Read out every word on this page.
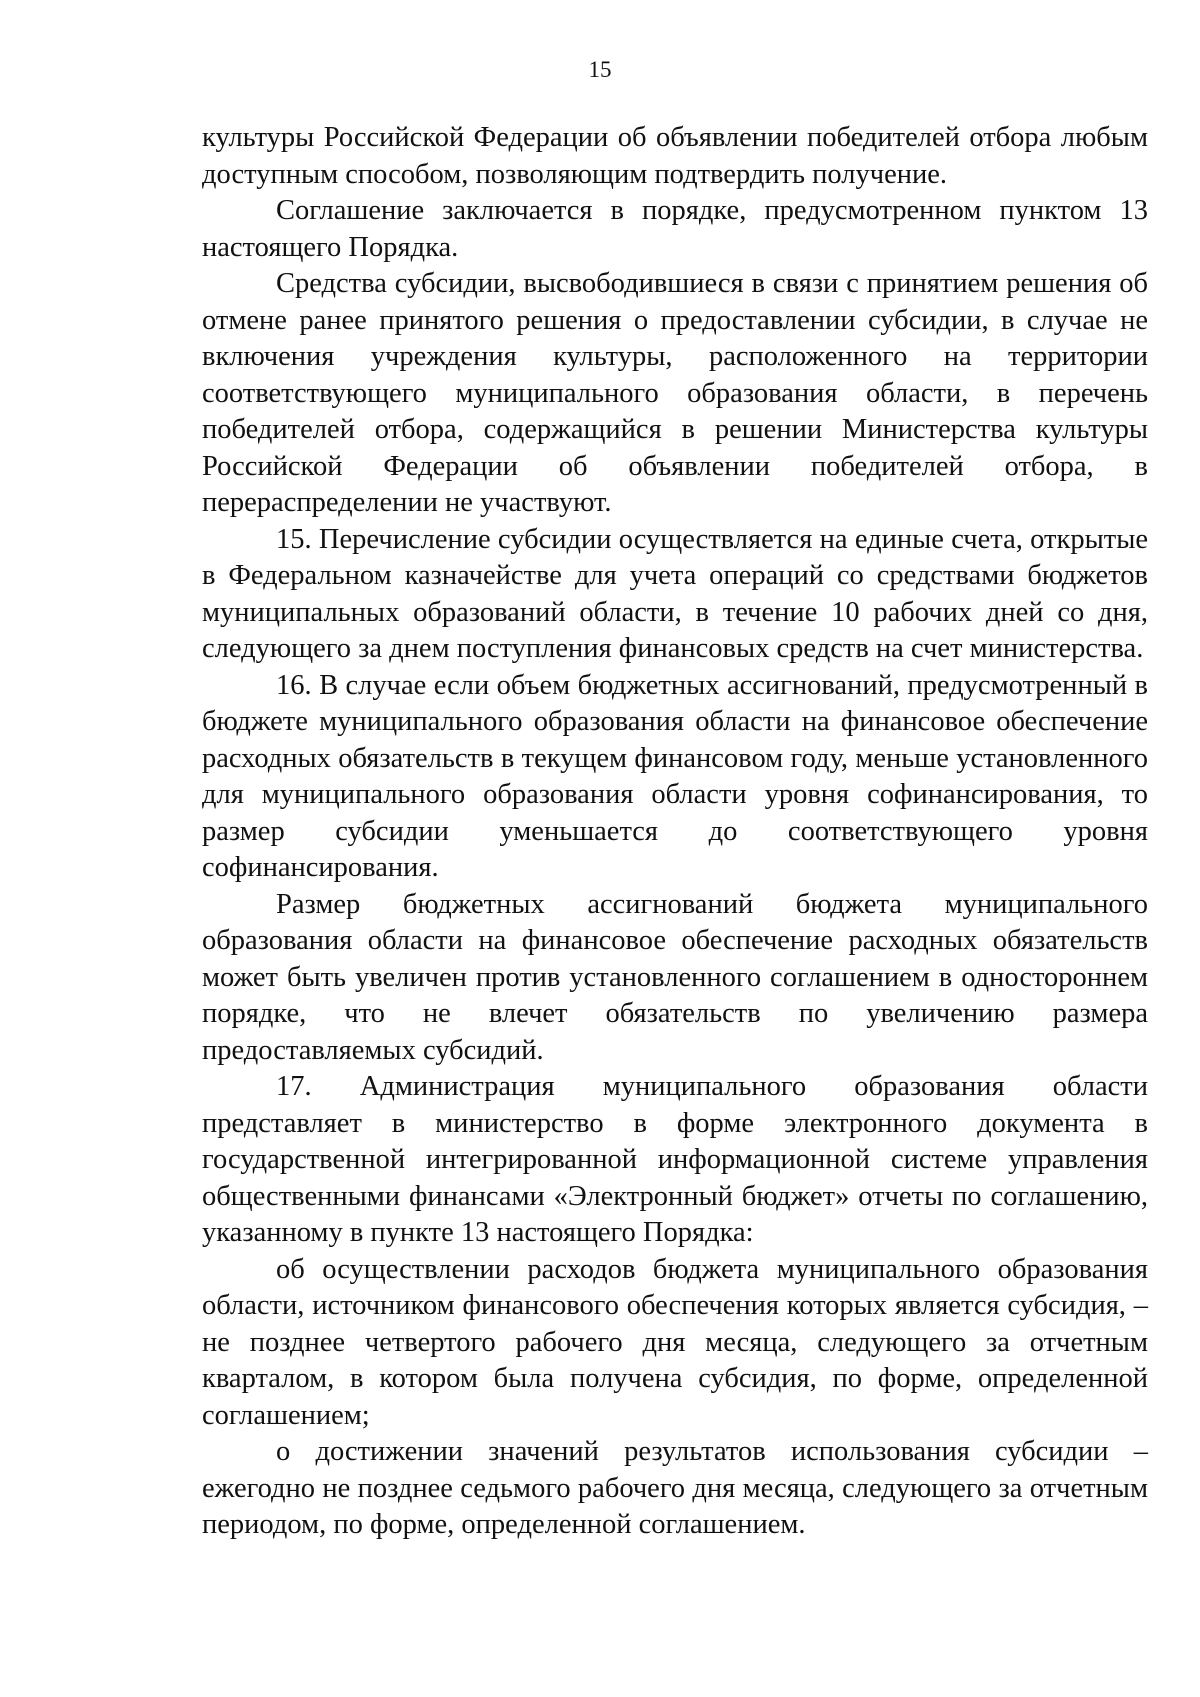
15

культуры Российской Федерации об объявлении победителей отбора любым доступным способом, позволяющим подтвердить получение.

Соглашение заключается в порядке, предусмотренном пунктом 13 настоящего Порядка.

Средства субсидии, высвободившиеся в связи с принятием решения об отмене ранее принятого решения о предоставлении субсидии, в случае не включения учреждения культуры, расположенного на территории соответствующего муниципального образования области, в перечень победителей отбора, содержащийся в решении Министерства культуры Российской Федерации об объявлении победителей отбора, в перераспределении не участвуют.

15. Перечисление субсидии осуществляется на единые счета, открытые в Федеральном казначействе для учета операций со средствами бюджетов муниципальных образований области, в течение 10 рабочих дней со дня, следующего за днем поступления финансовых средств на счет министерства.

16. В случае если объем бюджетных ассигнований, предусмотренный в бюджете муниципального образования области на финансовое обеспечение расходных обязательств в текущем финансовом году, меньше установленного для муниципального образования области уровня софинансирования, то размер субсидии уменьшается до соответствующего уровня софинансирования.

Размер бюджетных ассигнований бюджета муниципального образования области на финансовое обеспечение расходных обязательств может быть увеличен против установленного соглашением в одностороннем порядке, что не влечет обязательств по увеличению размера предоставляемых субсидий.

17. Администрация муниципального образования области представляет в министерство в форме электронного документа в государственной интегрированной информационной системе управления общественными финансами «Электронный бюджет» отчеты по соглашению, указанному в пункте 13 настоящего Порядка:

об осуществлении расходов бюджета муниципального образования области, источником финансового обеспечения которых является субсидия, – не позднее четвертого рабочего дня месяца, следующего за отчетным кварталом, в котором была получена субсидия, по форме, определенной соглашением;

о достижении значений результатов использования субсидии – ежегодно не позднее седьмого рабочего дня месяца, следующего за отчетным периодом, по форме, определенной соглашением.
